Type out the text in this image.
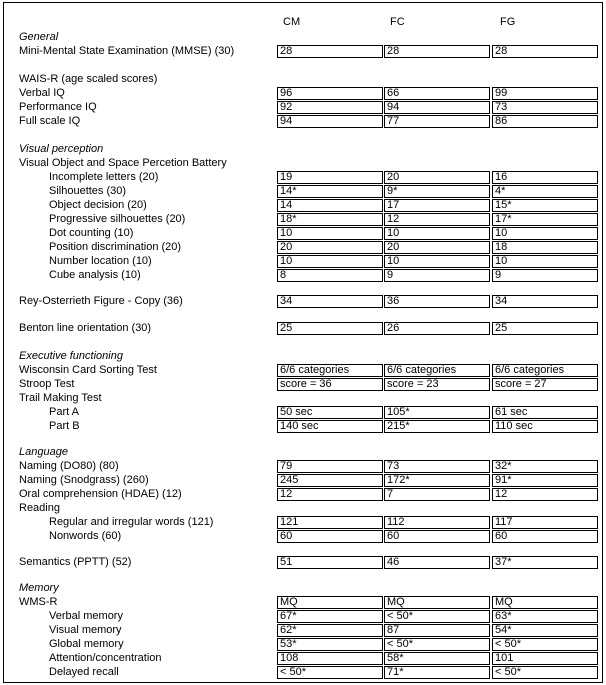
CM	FC	FG
General
Mini-Mental State Examination (MMSE) (30)	28	28	28
WAIS-R (age scaled scores)
Verbal IQ	96	66	99
Performance IQ	92	94	73
Full scale IQ	94	77	86
Visual perception
Visual Object and Space Percetion Battery
Incomplete letters (20)	19	20	16
Silhouettes (30)	14*	9*	4*
Object decision (20)	14	17	15*
Progressive silhouettes (20)	18*	12	17*
Dot counting (10)	10	10	10
Position discrimination (20)	20	20	18
Number location (10)	10	10	10
Cube analysis (10)	8	9	9
Rey-Osterrieth Figure - Copy (36)	34	36	34
Benton line orientation (30)	25	26	25
Executive functioning
Wisconsin Card Sorting Test	6/6 categories	6/6 categories	6/6 categories
Stroop Test	score = 36	score = 23	score = 27
Trail Making Test
Part A	50 sec	105*	61 sec
Part B	140 sec	215*	110 sec
Language
Naming (DO80) (80)	79	73	32*
Naming (Snodgrass) (260)	245	172*	91*
Oral comprehension (HDAE) (12)	12	7	12
Reading
Regular and irregular words (121)	121	112	117
Nonwords (60)	60	60	60
Semantics (PPTT) (52)	51	46	37*
Memory
WMS-R	MQ	MQ	MQ
Verbal memory	67*	< 50*	63*
Visual memory	62*	87	54*
Global memory	53*	< 50*	< 50*
Attention/concentration	108	58*	101
Delayed recall	< 50*	71*	< 50*
